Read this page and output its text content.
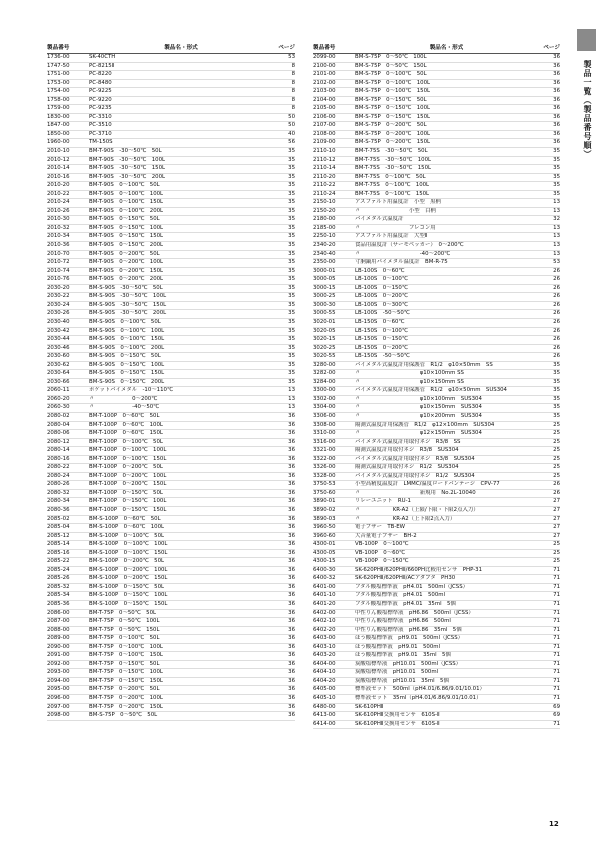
製品一覧（製品番号順）
製品番号	製品名・形式	ページ
1736-00	SK-40CTH	53
1747-50	PC-8215Ⅱ	8
1751-00	PC-8220	8
1753-00	PC-8480	8
1754-00	PC-9225	8
1758-00	PC-9220	8
1759-00	PC-9235	8
1830-00	PC-3310	50
1847-00	PC-3510	50
1850-00	PC-3710	40
1960-00	TM-150S	56
2010-10	BM-T-90S　-30〜50℃　50L	35
2010-12	BM-T-90S　-30〜50℃　100L	35
2010-14	BM-T-90S　-30〜50℃　150L	35
2010-16	BM-T-90S　-30〜50℃　200L	35
2010-20	BM-T-90S　0〜100℃　50L	35
2010-22	BM-T-90S　0〜100℃　100L	35
2010-24	BM-T-90S　0〜100℃　150L	35
2010-26	BM-T-90S　0〜100℃　200L	35
2010-30	BM-T-90S　0〜150℃　50L	35
2010-32	BM-T-90S　0〜150℃　100L	35
2010-34	BM-T-90S　0〜150℃　150L	35
2010-36	BM-T-90S　0〜150℃　200L	35
2010-70	BM-T-90S　0〜200℃　50L	35
2010-72	BM-T-90S　0〜200℃　100L	35
2010-74	BM-T-90S　0〜200℃　150L	35
2010-76	BM-T-90S　0〜200℃　200L	35
2030-20	BM-S-90S　-30〜50℃　50L	35
2030-22	BM-S-90S　-30〜50℃　100L	35
2030-24	BM-S-90S　-30〜50℃　150L	35
2030-26	BM-S-90S　-30〜50℃　200L	35
2030-40	BM-S-90S　0〜100℃　50L	35
2030-42	BM-S-90S　0〜100℃　100L	35
2030-44	BM-S-90S　0〜100℃　150L	35
2030-46	BM-S-90S　0〜100℃　200L	35
2030-60	BM-S-90S　0〜150℃　50L	35
2030-62	BM-S-90S　0〜150℃　100L	35
2030-64	BM-S-90S　0〜150℃　150L	35
2030-66	BM-S-90S　0〜150℃　200L	35
2060-11	ポケットバイメタル　-10〜110℃	13
2060-20	〃　　　　　　　0〜200℃	13
2060-30	〃　　　　　　　-40〜50℃	13
2080-02	BM-T-100P　0〜60℃　50L	36
2080-04	BM-T-100P　0〜60℃　100L	36
2080-06	BM-T-100P　0〜60℃　150L	36
2080-12	BM-T-100P　0〜100℃　50L	36
2080-14	BM-T-100P　0〜100℃　100L	36
2080-16	BM-T-100P　0〜100℃　150L	36
2080-22	BM-T-100P　0〜200℃　50L	36
2080-24	BM-T-100P　0〜200℃　100L	36
2080-26	BM-T-100P　0〜200℃　150L	36
2080-32	BM-T-100P　0〜150℃　50L	36
2080-34	BM-T-100P　0〜150℃　100L	36
2080-36	BM-T-100P　0〜150℃　150L	36
2085-02	BM-S-100P　0〜60℃　50L	36
2085-04	BM-S-100P　0〜60℃　100L	36
2085-12	BM-S-100P　0〜100℃　50L	36
2085-14	BM-S-100P　0〜100℃　100L	36
2085-16	BM-S-100P　0〜100℃　150L	36
2085-22	BM-S-100P　0〜200℃　50L	36
2085-24	BM-S-100P　0〜200℃　100L	36
2085-26	BM-S-100P　0〜200℃　150L	36
2085-32	BM-S-100P　0〜150℃　50L	36
2085-34	BM-S-100P　0〜150℃　100L	36
2085-36	BM-S-100P　0〜150℃　150L	36
2086-00	BM-T-75P　0〜50℃　50L	36
2087-00	BM-T-75P　0〜50℃　100L	36
2088-00	BM-T-75P　0〜50℃　150L	36
2089-00	BM-T-75P　0〜100℃　50L	36
2090-00	BM-T-75P　0〜100℃　100L	36
2091-00	BM-T-75P　0〜100℃　150L	36
2092-00	BM-T-75P　0〜150℃　50L	36
2093-00	BM-T-75P　0〜150℃　100L	36
2094-00	BM-T-75P　0〜150℃　150L	36
2095-00	BM-T-75P　0〜200℃　50L	36
2096-00	BM-T-75P　0〜200℃　100L	36
2097-00	BM-T-75P　0〜200℃　150L	36
2098-00	BM-S-75P　0〜50℃　50L	36
製品番号	製品名・形式	ページ
2099-00	BM-S-75P　0〜50℃　100L	36
2100-00	BM-S-75P　0〜50℃　150L	36
2101-00	BM-S-75P　0〜100℃　50L	36
2102-00	BM-S-75P　0〜100℃　100L	36
2103-00	BM-S-75P　0〜100℃　150L	36
2104-00	BM-S-75P　0〜150℃　50L	36
2105-00	BM-S-75P　0〜150℃　100L	36
2106-00	BM-S-75P　0〜150℃　150L	36
2107-00	BM-S-75P　0〜200℃　50L	36
2108-00	BM-S-75P　0〜200℃　100L	36
2109-00	BM-S-75P　0〜200℃　150L	36
2110-10	BM-T-75S　-30〜50℃　50L	35
2110-12	BM-T-75S　-30〜50℃　100L	35
2110-14	BM-T-75S　-30〜50℃　150L	35
2110-20	BM-T-75S　0〜100℃　50L	35
2110-22	BM-T-75S　0〜100℃　100L	35
2110-24	BM-T-75S　0〜100℃　150L	35
2150-10	アスファルト用温度計　小型　黒柄	13
2150-20	〃　　　　　　　　　小型　白柄	13
2180-00	バイメタル式温度計	32
2185-00	〃　　　　　　　　　フレコン用	13
2250-10	アスファルト用温度計　大型Ⅱ	13
2340-20	食品用温度計（サーモペッカー）　0〜200℃	13
2340-40	〃　　　　　　　　　　　-40〜200℃	13
2350-00	寸胴鍋用バイメタル温度計　BM-R-75	53
3000-01	LB-100S　0〜60℃	26
3000-05	LB-100S　0〜100℃	26
3000-15	LB-100S　0〜150℃	26
3000-25	LB-100S　0〜200℃	26
3000-30	LB-100S　0〜300℃	26
3000-55	LB-100S　-50〜50℃	26
3020-01	LB-150S　0〜60℃	26
3020-05	LB-150S　0〜100℃	26
3020-15	LB-150S　0〜150℃	26
3020-25	LB-150S　0〜200℃	26
3020-55	LB-150S　-50〜50℃	26
3280-00	バイメタル式温度計用保護管　R1/2　φ10×50mm　SS	35
3282-00	〃　　　　　　　　　　　φ10×100mm SS	35
3284-00	〃　　　　　　　　　　　φ10×150mm SS	35
3300-00	バイメタル式温度計用保護管　R1/2　φ10×50mm　SUS304	35
3302-00	〃　　　　　　　　　　　φ10×100mm　SUS304	35
3304-00	〃　　　　　　　　　　　φ10×150mm　SUS304	35
3306-00	〃　　　　　　　　　　　φ10×200mm　SUS304	35
3308-00	隔測式温度計用保護管　R1/2　φ12×100mm　SUS304	25
3310-00	〃　　　　　　　　　　　φ12×150mm　SUS304	25
3316-00	バイメタル式温度計用取付ネジ　R3/8　SS	25
3321-00	隔測式温度計用取付ネジ　R3/8　SUS304	25
3322-00	バイメタル式温度計用取付ネジ　R3/8　SUS304	25
3326-00	隔測式温度計用取付ネジ　R1/2　SUS304	25
3328-00	バイメタル式温度計用取付ネジ　R1/2　SUS304	25
3750-53	小型高精度温度計　LMMC/温度ロードバンテージ　CPV-77	26
3750-60	〃　　　　　　　　　　　新規用　No.2L-10040	26
3890-01	リレーユニット　RU-1	27
3890-02	〃　　　　　　KR-A2（上限/下限・下限2点入力）	27
3890-03	〃　　　　　　KR-A2（上下限2点入力）	27
3960-50	電子ブザー　TB-EW	27
3960-60	大音量電子ブザー　BH-2	27
4300-01	VB-100P　0〜100℃	25
4300-05	VB-100P　0〜60℃	25
4300-15	VB-100P　0〜150℃	25
6400-30	SK-620PHⅡ/620PHⅡ/660PH比較用センサ　PHP-31	71
6400-32	SK-620PHⅡ/620PHⅡ/ACアダプタ　PH30	71
6401-00	フタル酸塩標準液　pH4.01　500ml（JCSS）	71
6401-10	フタル酸塩標準液　pH4.01　500ml	71
6401-20	フタル酸塩標準液　pH4.01　35ml　5個	71
6402-00	中性りん酸塩標準液　pH6.86　500ml（JCSS）	71
6402-10	中性りん酸塩標準液　pH6.86　500ml	71
6402-20	中性りん酸塩標準液　pH6.86　35ml　5個	71
6403-00	ほう酸塩標準液　pH9.01　500ml（JCSS）	71
6403-10	ほう酸塩標準液　pH9.01　500ml	71
6403-20	ほう酸塩標準液　pH9.01　35ml　5個	71
6404-00	炭酸塩標準液　pH10.01　500ml（JCSS）	71
6404-10	炭酸塩標準液　pH10.01　500ml	71
6404-20	炭酸塩標準液　pH10.01　35ml　5個	71
6405-00	標準液セット　500ml（pH4.01/6.86/9.01/10.01）	71
6405-10	標準液セット　35ml（pH4.01/6.86/9.01/10.01）	71
6480-00	SK-610PHⅡ	69
6413-00	SK-610PHⅡ交換用センサ　610S-Ⅱ	69
6414-00	SK-610PHⅡ交換用センサ　610S-Ⅱ	71
12
